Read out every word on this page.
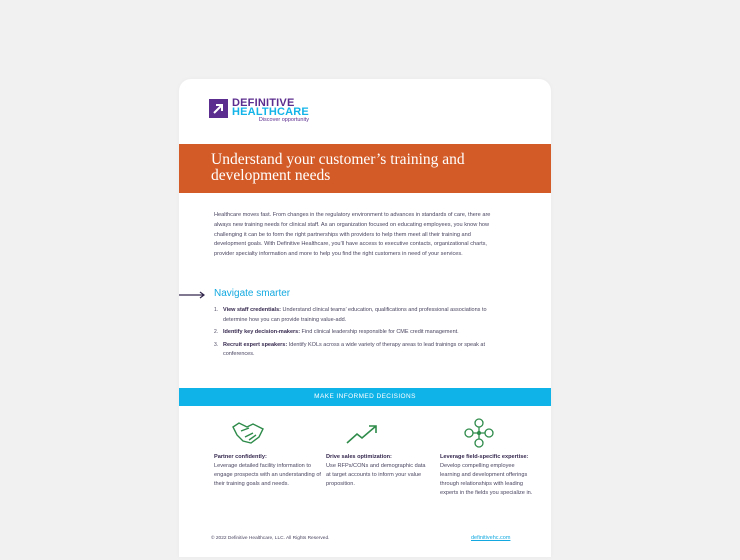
DEFINITIVE
HEALTHCARE
Discover opportunity
Understand your customer’s training and development needs
Healthcare moves fast. From changes in the regulatory environment to advances in standards of care, there are always new training needs for clinical staff. As an organization focused on educating employees, you know how challenging it can be to form the right partnerships with providers to help them meet all their training and development goals. With Definitive Healthcare, you’ll have access to executive contacts, organizational charts, provider specialty information and more to help you find the right customers in need of your services.
Navigate smarter
1. View staff credentials: Understand clinical teams’ education, qualifications and professional associations to determine how you can provide training value-add.
2. Identify key decision-makers: Find clinical leadership responsible for CME credit management.
3. Recruit expert speakers: Identify KOLs across a wide variety of therapy areas to lead trainings or speak at conferences.
MAKE INFORMED DECISIONS
Partner confidently:
Leverage detailed facility information to engage prospects with an understanding of their training goals and needs.
Drive sales optimization:
Use RFPs/CONs and demographic data at target accounts to inform your value proposition.
Leverage field-specific expertise:
Develop compelling employee learning and development offerings through relationships with leading experts in the fields you specialize in.
© 2022 Definitive Healthcare, LLC. All Rights Reserved.	definitivehc.com
